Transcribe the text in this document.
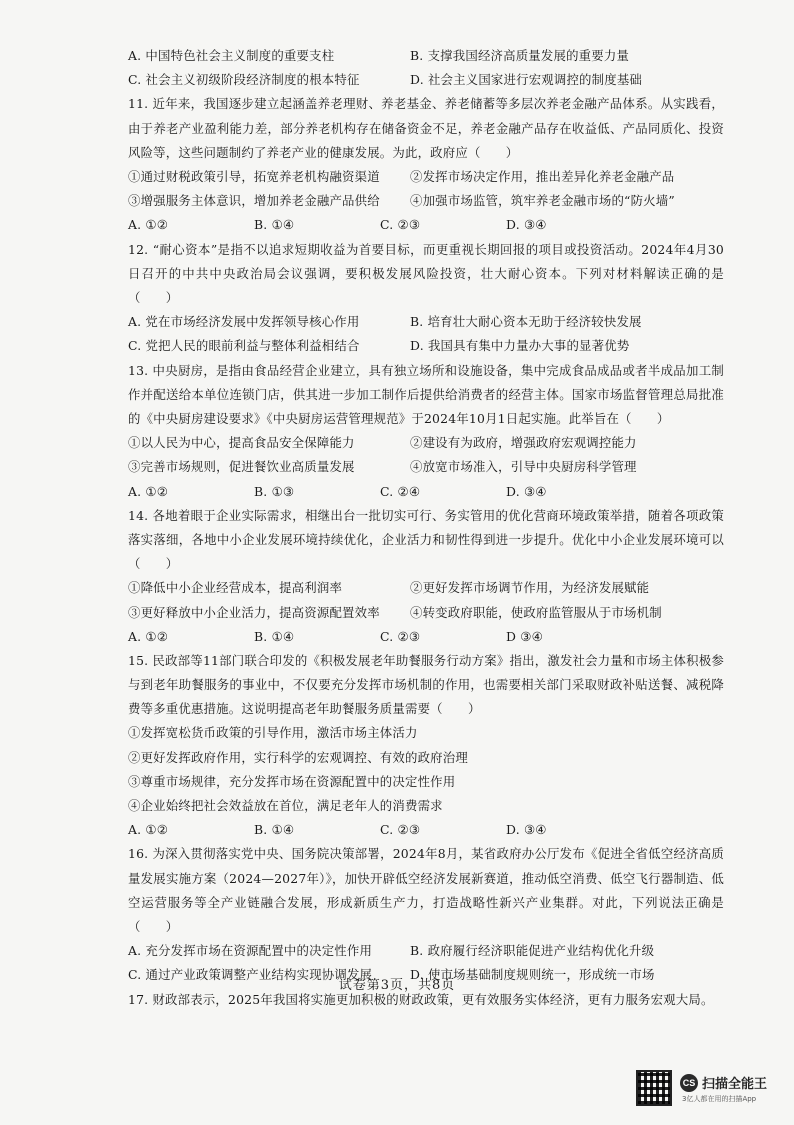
A. 中国特色社会主义制度的重要支柱	B. 支撑我国经济高质量发展的重要力量
C. 社会主义初级阶段经济制度的根本特征	D. 社会主义国家进行宏观调控的制度基础
11. 近年来，我国逐步建立起涵盖养老理财、养老基金、养老储蓄等多层次养老金融产品体系。从实践看，由于养老产业盈利能力差，部分养老机构存在储备资金不足，养老金融产品存在收益低、产品同质化、投资风险等，这些问题制约了养老产业的健康发展。为此，政府应（　　）
①通过财税政策引导，拓宽养老机构融资渠道	②发挥市场决定作用，推出差异化养老金融产品
③增强服务主体意识，增加养老金融产品供给	④加强市场监管，筑牢养老金融市场的“防火墙”
A. ①②	B. ①④	C. ②③	D. ③④
12. “耐心资本”是指不以追求短期收益为首要目标，而更重视长期回报的项目或投资活动。2024年4月30日召开的中共中央政治局会议强调，要积极发展风险投资，壮大耐心资本。下列对材料解读正确的是（　　）
A. 党在市场经济发展中发挥领导核心作用	B. 培育壮大耐心资本无助于经济较快发展
C. 党把人民的眼前利益与整体利益相结合	D. 我国具有集中力量办大事的显著优势
13. 中央厨房，是指由食品经营企业建立，具有独立场所和设施设备，集中完成食品成品或者半成品加工制作并配送给本单位连锁门店，供其进一步加工制作后提供给消费者的经营主体。国家市场监督管理总局批准的《中央厨房建设要求》《中央厨房运营管理规范》于2024年10月1日起实施。此举旨在（　　）
①以人民为中心，提高食品安全保障能力	②建设有为政府，增强政府宏观调控能力
③完善市场规则，促进餐饮业高质量发展	④放宽市场准入，引导中央厨房科学管理
A. ①②	B. ①③	C. ②④	D. ③④
14. 各地着眼于企业实际需求，相继出台一批切实可行、务实管用的优化营商环境政策举措，随着各项政策落实落细，各地中小企业发展环境持续优化，企业活力和韧性得到进一步提升。优化中小企业发展环境可以（　　）
①降低中小企业经营成本，提高利润率	②更好发挥市场调节作用，为经济发展赋能
③更好释放中小企业活力，提高资源配置效率	④转变政府职能，使政府监管服从于市场机制
A. ①②	B. ①④	C. ②③	D ③④
15. 民政部等11部门联合印发的《积极发展老年助餐服务行动方案》指出，激发社会力量和市场主体积极参与到老年助餐服务的事业中，不仅要充分发挥市场机制的作用，也需要相关部门采取财政补贴送餐、减税降费等多重优惠措施。这说明提高老年助餐服务质量需要（　　）
①发挥宽松货币政策的引导作用，激活市场主体活力
②更好发挥政府作用，实行科学的宏观调控、有效的政府治理
③尊重市场规律，充分发挥市场在资源配置中的决定性作用
④企业始终把社会效益放在首位，满足老年人的消费需求
A. ①②	B. ①④	C. ②③	D. ③④
16. 为深入贯彻落实党中央、国务院决策部署，2024年8月，某省政府办公厅发布《促进全省低空经济高质量发展实施方案（2024—2027年）》，加快开辟低空经济发展新赛道，推动低空消费、低空飞行器制造、低空运营服务等全产业链融合发展，形成新质生产力，打造战略性新兴产业集群。对此，下列说法正确是（　　）
A. 充分发挥市场在资源配置中的决定性作用	B. 政府履行经济职能促进产业结构优化升级
C. 通过产业政策调整产业结构实现协调发展	D. 使市场基础制度规则统一，形成统一市场
17. 财政部表示，2025年我国将实施更加积极的财政政策，更有效服务实体经济，更有力服务宏观大局。
试卷第3页，共8页
CS 扫描全能王
3亿人都在用的扫描App
